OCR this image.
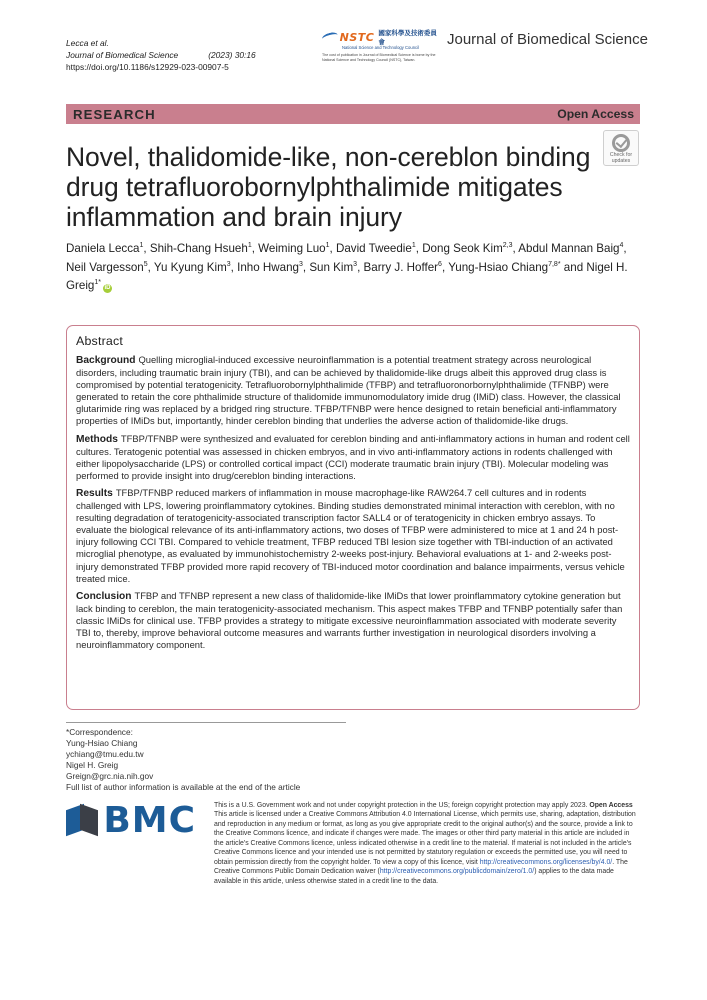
Lecca et al.
Journal of Biomedical Science	(2023) 30:16
https://doi.org/10.1186/s12929-023-00907-5
NSTC 國家科學及技術委員會
National Science and Technology Council
The cost of publication in Journal of Biomedical Science is borne by the National Science and Technology Council (NSTC), Taiwan.
Journal of Biomedical Science
RESEARCH	Open Access
Check for
updates
Novel, thalidomide-like, non-cereblon binding drug tetrafluorobornylphthalimide mitigates inflammation and brain injury
Daniela Lecca$^1$, Shih-Chang Hsueh$^1$, Weiming Luo$^1$, David Tweedie$^1$, Dong Seok Kim$^{2,3}$, Abdul Mannan Baig$^4$, Neil Vargesson$^5$, Yu Kyung Kim$^3$, Inho Hwang$^3$, Sun Kim$^3$, Barry J. Hoffer$^6$, Yung-Hsiao Chiang$^{7,8*}$ and Nigel H. Greig$^{1*}$iD
Abstract

Background Quelling microglial-induced excessive neuroinflammation is a potential treatment strategy across neurological disorders, including traumatic brain injury (TBI), and can be achieved by thalidomide-like drugs albeit this approved drug class is compromised by potential teratogenicity. Tetrafluorobornylphthalimide (TFBP) and tetrafluoronorbornylphthalimide (TFNBP) were generated to retain the core phthalimide structure of thalidomide immunomodulatory imide drug (IMiD) class. However, the classical glutarimide ring was replaced by a bridged ring structure. TFBP/TFNBP were hence designed to retain beneficial anti-inflammatory properties of IMiDs but, importantly, hinder cereblon binding that underlies the adverse action of thalidomide-like drugs.

Methods TFBP/TFNBP were synthesized and evaluated for cereblon binding and anti-inflammatory actions in human and rodent cell cultures. Teratogenic potential was assessed in chicken embryos, and in vivo anti-inflammatory actions in rodents challenged with either lipopolysaccharide (LPS) or controlled cortical impact (CCI) moderate traumatic brain injury (TBI). Molecular modeling was performed to provide insight into drug/cereblon binding interactions.

Results TFBP/TFNBP reduced markers of inflammation in mouse macrophage-like RAW264.7 cell cultures and in rodents challenged with LPS, lowering proinflammatory cytokines. Binding studies demonstrated minimal interaction with cereblon, with no resulting degradation of teratogenicity-associated transcription factor SALL4 or of teratogenicity in chicken embryo assays. To evaluate the biological relevance of its anti-inflammatory actions, two doses of TFBP were administered to mice at 1 and 24 h post-injury following CCI TBI. Compared to vehicle treatment, TFBP reduced TBI lesion size together with TBI-induction of an activated microglial phenotype, as evaluated by immunohistochemistry 2-weeks post-injury. Behavioral evaluations at 1- and 2-weeks post-injury demonstrated TFBP provided more rapid recovery of TBI-induced motor coordination and balance impairments, versus vehicle treated mice.

Conclusion TFBP and TFNBP represent a new class of thalidomide-like IMiDs that lower proinflammatory cytokine generation but lack binding to cereblon, the main teratogenicity-associated mechanism. This aspect makes TFBP and TFNBP potentially safer than classic IMiDs for clinical use. TFBP provides a strategy to mitigate excessive neuroinflammation associated with moderate severity TBI to, thereby, improve behavioral outcome measures and warrants further investigation in neurological disorders involving a neuroinflammatory component.

*Correspondence:
Yung-Hsiao Chiang
ychiang@tmu.edu.tw
Nigel H. Greig
Greign@grc.nia.nih.gov
Full list of author information is available at the end of the article
BMC	This is a U.S. Government work and not under copyright protection in the US; foreign copyright protection may apply 2023. Open Access This article is licensed under a Creative Commons Attribution 4.0 International License, which permits use, sharing, adaptation, distribution and reproduction in any medium or format, as long as you give appropriate credit to the original author(s) and the source, provide a link to the Creative Commons licence, and indicate if changes were made. The images or other third party material in this article are included in the article's Creative Commons licence, unless indicated otherwise in a credit line to the material. If material is not included in the article's Creative Commons licence and your intended use is not permitted by statutory regulation or exceeds the permitted use, you will need to obtain permission directly from the copyright holder. To view a copy of this licence, visit http://creativecommons.org/licenses/by/4.0/. The Creative Commons Public Domain Dedication waiver (http://creativecommons.org/publicdomain/zero/1.0/) applies to the data made available in this article, unless otherwise stated in a credit line to the data.
